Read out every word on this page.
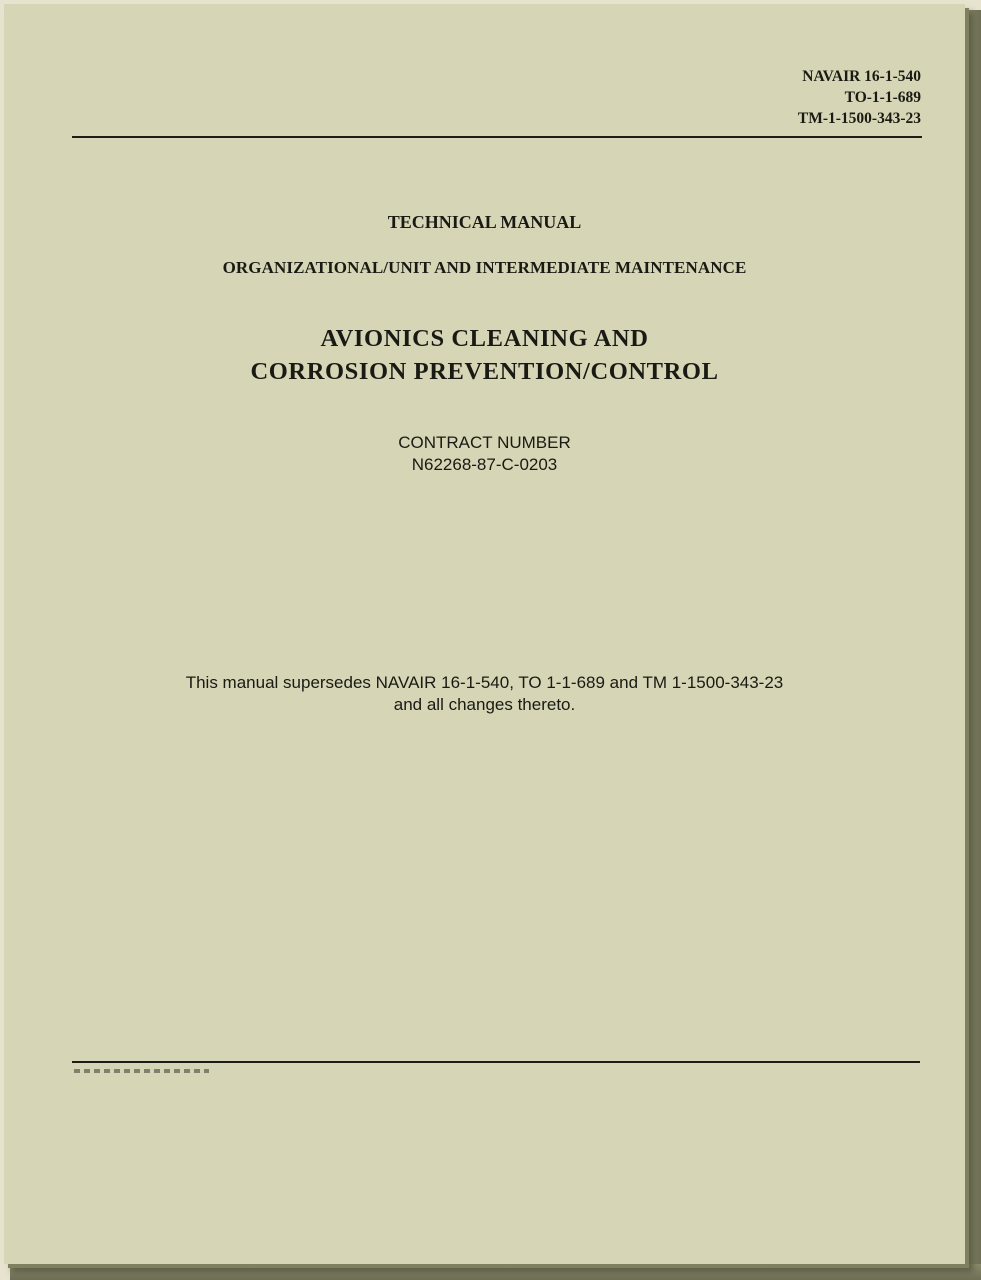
NAVAIR 16-1-540
TO-1-1-689
TM-1-1500-343-23
TECHNICAL MANUAL
ORGANIZATIONAL/UNIT AND INTERMEDIATE MAINTENANCE
AVIONICS CLEANING AND
CORROSION PREVENTION/CONTROL
CONTRACT NUMBER
N62268-87-C-0203
This manual supersedes NAVAIR 16-1-540, TO 1-1-689 and TM 1-1500-343-23
and all changes thereto.
